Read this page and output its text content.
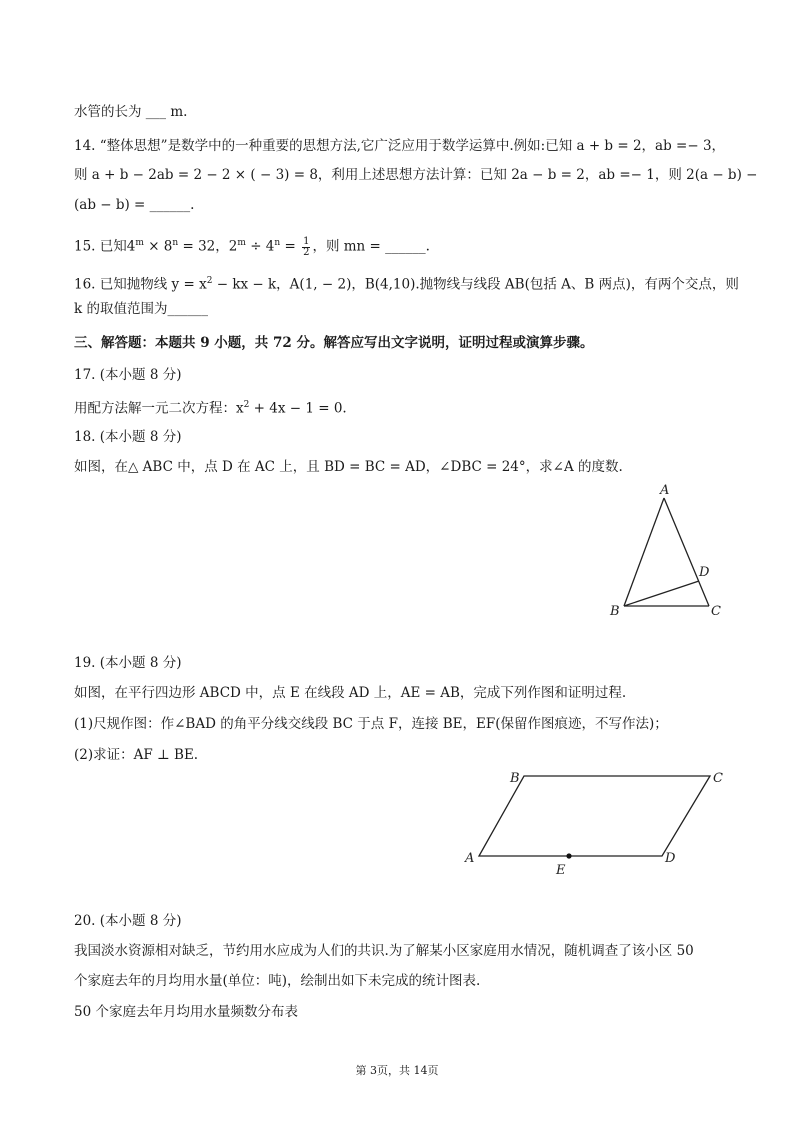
水管的长为 ___ m.
14. “整体思想”是数学中的一种重要的思想方法,它广泛应用于数学运算中.例如:已知 a + b = 2，ab =− 3，
则 a + b − 2ab = 2 − 2 × ( − 3) = 8，利用上述思想方法计算：已知 2a − b = 2，ab =− 1，则 2(a − b) −
(ab − b) = ______.
15. 已知$4^m \times 8^n = 32$，$2^m \div 4^n = \frac{1}{2}$ ，则 mn = ______.
16. 已知抛物线 $y = x^2$ − kx − k，A(1, − 2)，B(4,10).抛物线与线段 AB(包括 A、B 两点)，有两个交点，则
k 的取值范围为______
三、解答题：本题共 9 小题，共 72 分。解答应写出文字说明，证明过程或演算步骤。
17. (本小题 8 分)
用配方法解一元二次方程：$x^2 + 4x - 1 = 0$.
18. (本小题 8 分)
如图，在△ ABC 中，点 D 在 AC 上，且 BD = BC = AD，∠DBC = 24°，求∠A 的度数.
A
B	C
D
19. (本小题 8 分)
如图，在平行四边形 ABCD 中，点 E 在线段 AD 上，AE = AB，完成下列作图和证明过程.
(1)尺规作图：作∠BAD 的角平分线交线段 BC 于点 F，连接 BE，EF(保留作图痕迹，不写作法)；
(2)求证：AF ⊥ BE.
B	C
A	D
E
20. (本小题 8 分)
我国淡水资源相对缺乏，节约用水应成为人们的共识.为了解某小区家庭用水情况，随机调查了该小区 50
个家庭去年的月均用水量(单位：吨)，绘制出如下未完成的统计图表.
50 个家庭去年月均用水量频数分布表
第 3页，共 14页
